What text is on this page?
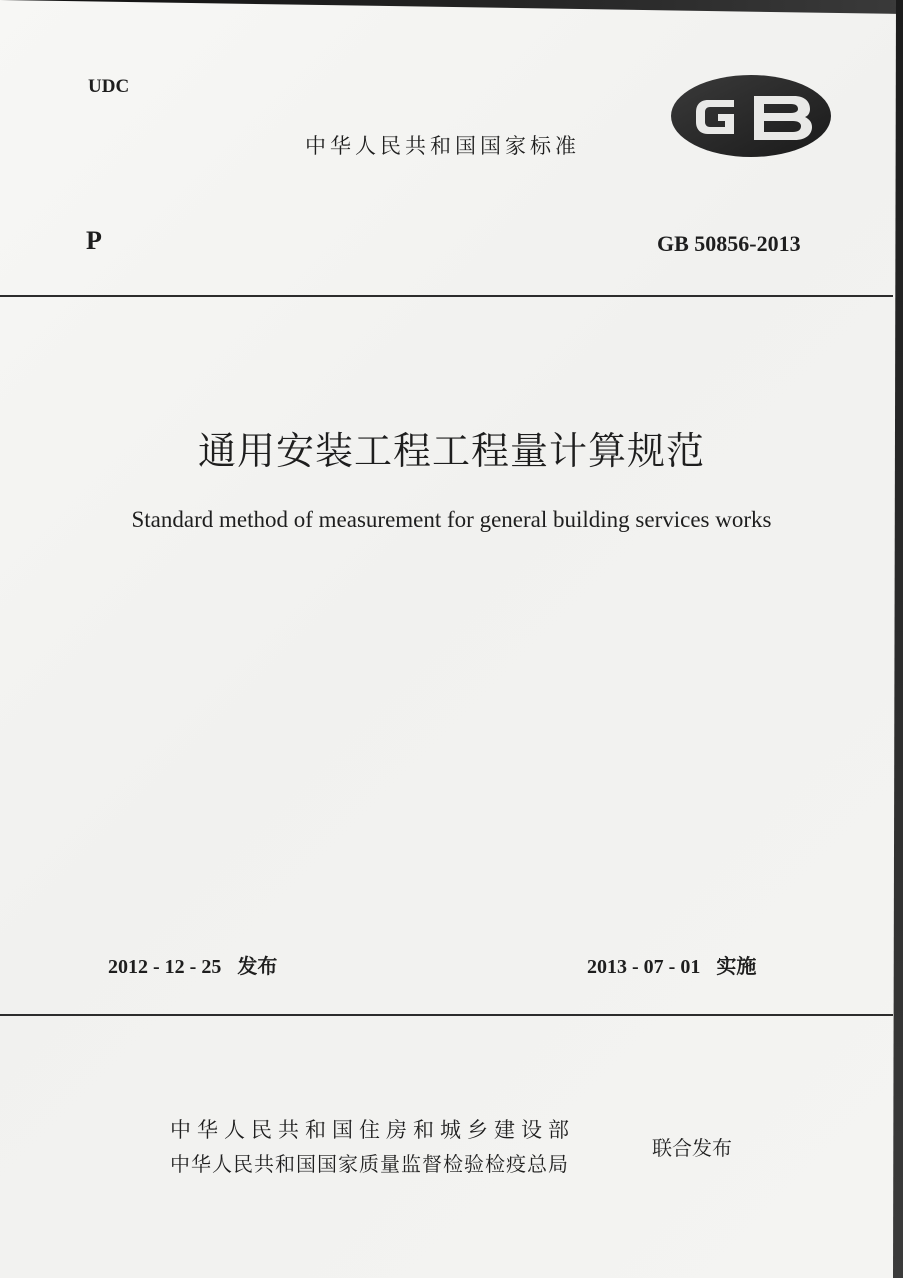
UDC
中华人民共和国国家标准
P	GB 50856-2013
通用安装工程工程量计算规范
Standard method of measurement for general building services works
2012 - 12 - 25 发布	2013 - 07 - 01 实施
中华人民共和国住房和城乡建设部
中华人民共和国国家质量监督检验检疫总局
联合发布
